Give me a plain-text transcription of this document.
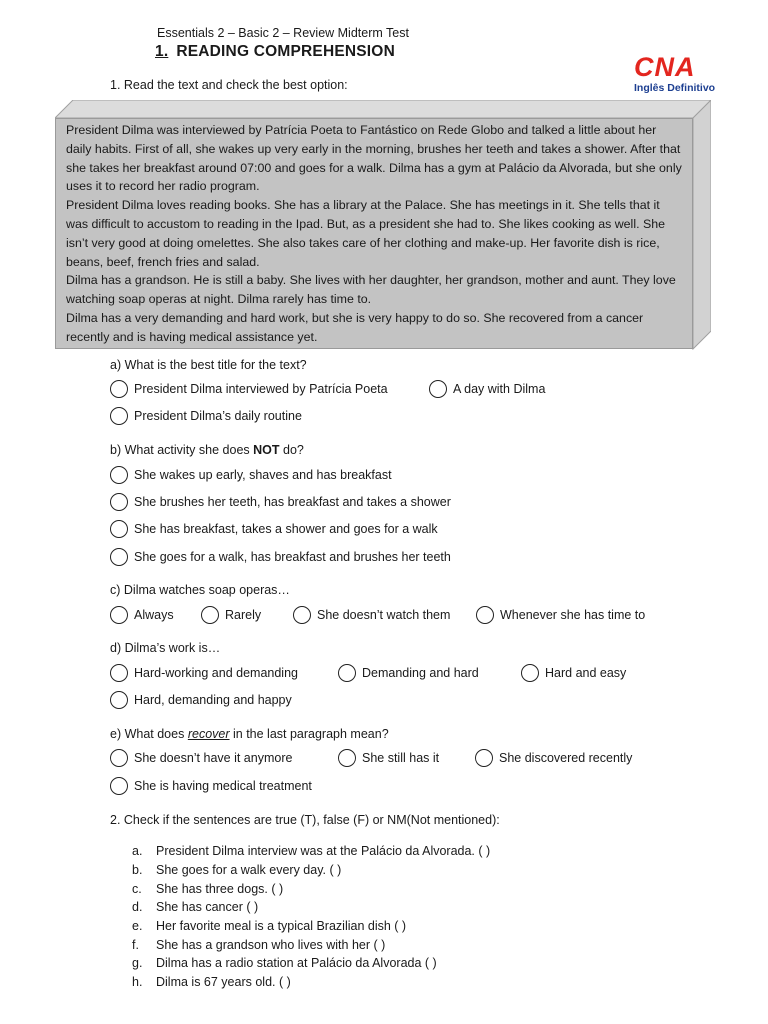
Essentials 2 – Basic 2 – Review Midterm Test
1. READING COMPREHENSION
CNA
Inglês Definitivo
1. Read the text and check the best option:

President Dilma was interviewed by Patrícia Poeta to Fantástico on Rede Globo and talked a little about her daily habits. First of all, she wakes up very early in the morning, brushes her teeth and takes a shower. After that she takes her breakfast around 07:00 and goes for a walk. Dilma has a gym at Palácio da Alvorada, but she only uses it to record her radio program.

President Dilma loves reading books. She has a library at the Palace. She has meetings in it. She tells that it was difficult to accustom to reading in the Ipad. But, as a president she had to. She likes cooking as well. She isn’t very good at doing omelettes. She also takes care of her clothing and make-up. Her favorite dish is rice, beans, beef, french fries and salad.

Dilma has a grandson. He is still a baby. She lives with her daughter, her grandson, mother and aunt. They love watching soap operas at night. Dilma rarely has time to.

Dilma has a very demanding and hard work, but she is very happy to do so. She recovered from a cancer recently and is having medical assistance yet.

a) What is the best title for the text?
President Dilma interviewed by Patrícia Poeta	A day with Dilma
President Dilma’s daily routine
b) What activity she does NOT do?
She wakes up early, shaves and has breakfast
She brushes her teeth, has breakfast and takes a shower
She has breakfast, takes a shower and goes for a walk
She goes for a walk, has breakfast and brushes her teeth
c) Dilma watches soap operas…
Always	Rarely	She doesn’t watch them	Whenever she has time to
d) Dilma’s work is…
Hard-working and demanding	Demanding and hard	Hard and easy
Hard, demanding and happy
e) What does recover in the last paragraph mean?
She doesn’t have it anymore	She still has it	She discovered recently
She is having medical treatment
2. Check if the sentences are true (T), false (F) or NM(Not mentioned):
a.	President Dilma interview was at the Palácio da Alvorada. ( )
b.	She goes for a walk every day. ( )
c.	She has three dogs. ( )
d.	She has cancer ( )
e.	Her favorite meal is a typical Brazilian dish ( )
f.	She has a grandson who lives with her ( )
g.	Dilma has a radio station at Palácio da Alvorada ( )
h.	Dilma is 67 years old. ( )
